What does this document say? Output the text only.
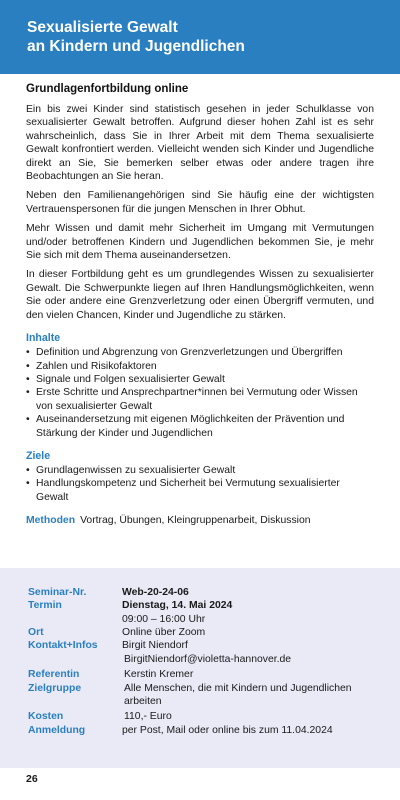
Sexualisierte Gewalt
an Kindern und Jugendlichen

Grundlagenfortbildung online

Ein bis zwei Kinder sind statistisch gesehen in jeder Schulklasse von sexualisierter Gewalt betroffen. Aufgrund dieser hohen Zahl ist es sehr wahrscheinlich, dass Sie in Ihrer Arbeit mit dem Thema sexualisierte Gewalt konfrontiert werden. Vielleicht wenden sich Kinder und Jugendliche direkt an Sie, Sie bemerken selber etwas oder andere tragen ihre Beobachtungen an Sie heran.

Neben den Familienangehörigen sind Sie häufig eine der wichtigsten Vertrauenspersonen für die jungen Menschen in Ihrer Obhut.

Mehr Wissen und damit mehr Sicherheit im Umgang mit Vermutungen und/oder betroffenen Kindern und Jugendlichen bekommen Sie, je mehr Sie sich mit dem Thema auseinandersetzen.

In dieser Fortbildung geht es um grundlegendes Wissen zu sexualisierter Gewalt. Die Schwerpunkte liegen auf Ihren Handlungsmöglichkeiten, wenn Sie oder andere eine Grenzverletzung oder einen Übergriff vermuten, und den vielen Chancen, Kinder und Jugendliche zu stärken.

Inhalte
• Definition und Abgrenzung von Grenzverletzungen und Übergriffen
• Zahlen und Risikofaktoren
• Signale und Folgen sexualisierter Gewalt
• Erste Schritte und Ansprechpartner*innen bei Vermutung oder Wissen von sexualisierter Gewalt
• Auseinandersetzung mit eigenen Möglichkeiten der Prävention und Stärkung der Kinder und Jugendlichen
Ziele
• Grundlagenwissen zu sexualisierter Gewalt
• Handlungskompetenz und Sicherheit bei Vermutung sexualisierter Gewalt
Methoden Vortrag, Übungen, Kleingruppenarbeit, Diskussion
Seminar-Nr.	Web-20-24-06
Termin	Dienstag, 14. Mai 2024
09:00 – 16:00 Uhr
Ort	Online über Zoom
Kontakt+Infos Birgit Niendorf
BirgitNiendorf@violetta-hannover.de
Referentin	Kerstin Kremer
Zielgruppe	Alle Menschen, die mit Kindern und Jugendlichen
arbeiten
Kosten	110,- Euro
Anmeldung	per Post, Mail oder online bis zum 11.04.2024
26
